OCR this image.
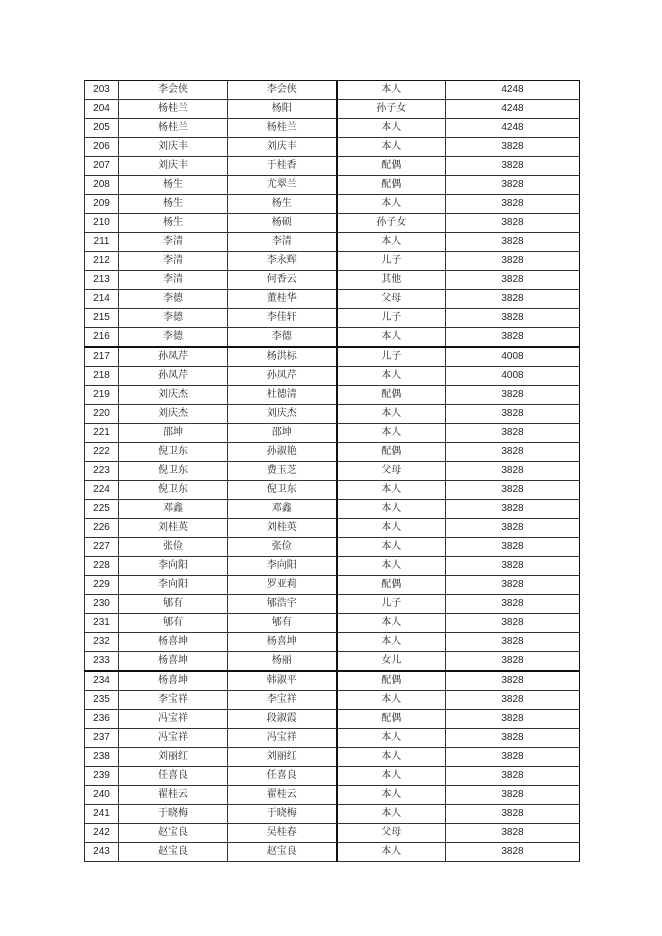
203	李会侠	李会侠	本人	4248
204	杨桂兰	杨阳	孙子女	4248
205	杨桂兰	杨桂兰	本人	4248
206	刘庆丰	刘庆丰	本人	3828
207	刘庆丰	于桂香	配偶	3828
208	杨生	尤翠兰	配偶	3828
209	杨生	杨生	本人	3828
210	杨生	杨硕	孙子女	3828
211	李清	李清	本人	3828
212	李清	李永辉	儿子	3828
213	李清	何香云	其他	3828
214	李德	董桂华	父母	3828
215	李德	李佳轩	儿子	3828
216	李德	李德	本人	3828
217	孙凤芹	杨洪标	儿子	4008
218	孙凤芹	孙凤芹	本人	4008
219	刘庆杰	杜德清	配偶	3828
220	刘庆杰	刘庆杰	本人	3828
221	邵坤	邵坤	本人	3828
222	倪卫东	孙淑艳	配偶	3828
223	倪卫东	费玉芝	父母	3828
224	倪卫东	倪卫东	本人	3828
225	邓鑫	邓鑫	本人	3828
226	刘桂英	刘桂英	本人	3828
227	张俭	张俭	本人	3828
228	李向阳	李向阳	本人	3828
229	李向阳	罗亚莉	配偶	3828
230	郇有	郇浩宇	儿子	3828
231	郇有	郇有	本人	3828
232	杨喜坤	杨喜坤	本人	3828
233	杨喜坤	杨丽	女儿	3828
234	杨喜坤	韩淑平	配偶	3828
235	李宝祥	李宝祥	本人	3828
236	冯宝祥	段淑霞	配偶	3828
237	冯宝祥	冯宝祥	本人	3828
238	刘丽红	刘丽红	本人	3828
239	任喜良	任喜良	本人	3828
240	翟桂云	翟桂云	本人	3828
241	于晓梅	于晓梅	本人	3828
242	赵宝良	吴桂春	父母	3828
243	赵宝良	赵宝良	本人	3828
